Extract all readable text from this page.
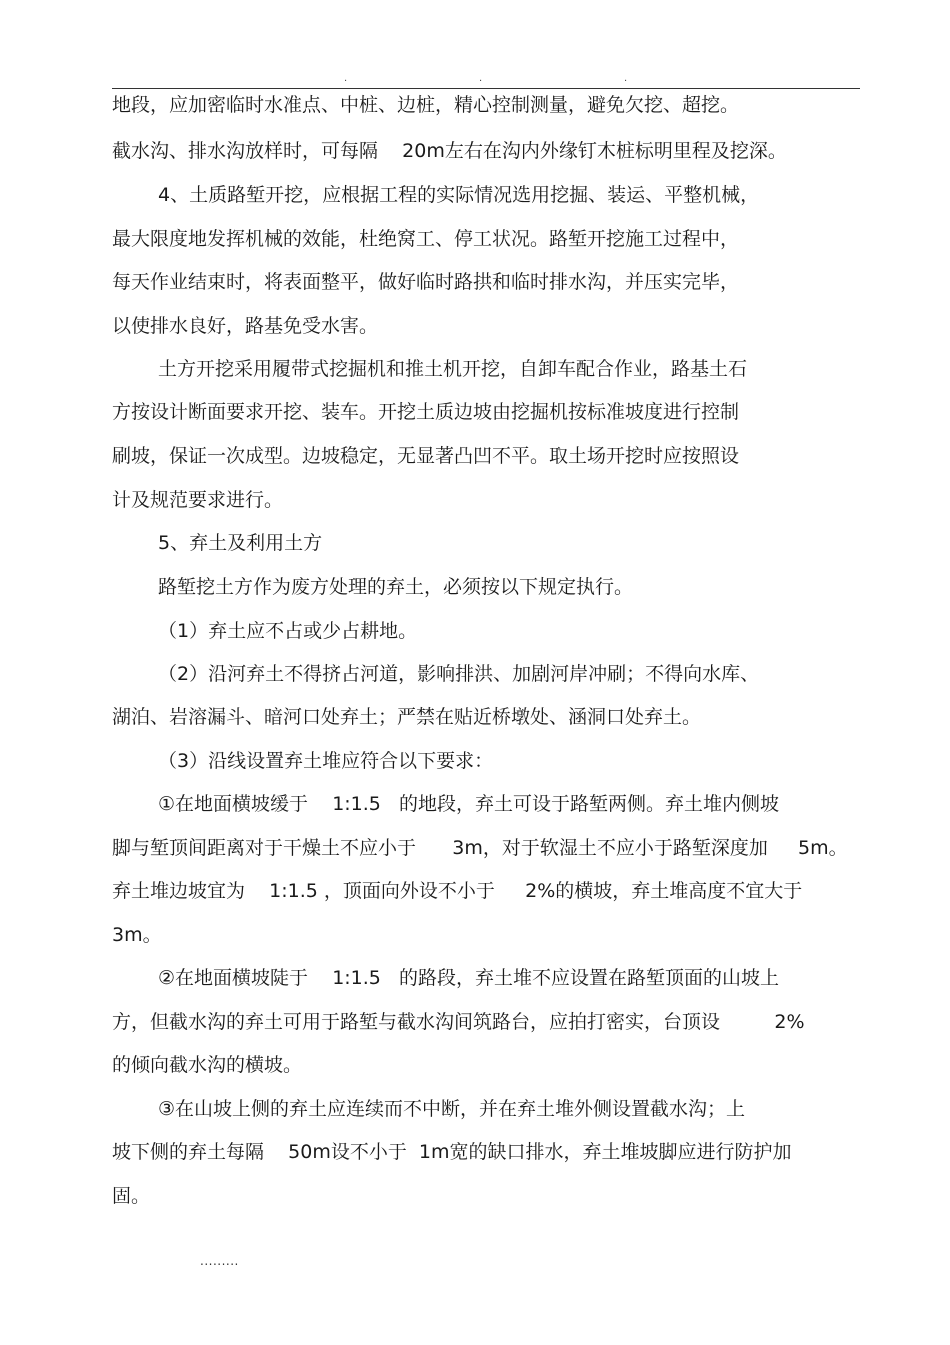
.	.	.
地段，应加密临时水准点、中桩、边桩，精心控制测量，避免欠挖、超挖。
截水沟、排水沟放样时，可每隔    20m左右在沟内外缘钉木桩标明里程及挖深。
4、土质路堑开挖，应根据工程的实际情况选用挖掘、装运、平整机械，
最大限度地发挥机械的效能，杜绝窝工、停工状况。路堑开挖施工过程中，
每天作业结束时，将表面整平，做好临时路拱和临时排水沟，并压实完毕，
以使排水良好，路基免受水害。
土方开挖采用履带式挖掘机和推土机开挖，自卸车配合作业，路基土石
方按设计断面要求开挖、装车。开挖土质边坡由挖掘机按标准坡度进行控制
刷坡，保证一次成型。边坡稳定，无显著凸凹不平。取土场开挖时应按照设
计及规范要求进行。
5、弃土及利用土方
路堑挖土方作为废方处理的弃土，必须按以下规定执行。
（1）弃土应不占或少占耕地。
（2）沿河弃土不得挤占河道，影响排洪、加剧河岸冲刷；不得向水库、
湖泊、岩溶漏斗、暗河口处弃土；严禁在贴近桥墩处、涵洞口处弃土。
（3）沿线设置弃土堆应符合以下要求：
①在地面横坡缓于    1:1.5   的地段，弃土可设于路堑两侧。弃土堆内侧坡
脚与堑顶间距离对于干燥土不应小于      3m，对于软湿土不应小于路堑深度加     5m。
弃土堆边坡宜为    1:1.5 ，顶面向外设不小于     2%的横坡，弃土堆高度不宜大于
3m。
②在地面横坡陡于    1:1.5   的路段，弃土堆不应设置在路堑顶面的山坡上
方，但截水沟的弃土可用于路堑与截水沟间筑路台，应拍打密实，台顶设         2%
的倾向截水沟的横坡。
③在山坡上侧的弃土应连续而不中断，并在弃土堆外侧设置截水沟；上
坡下侧的弃土每隔    50m设不小于  1m宽的缺口排水，弃土堆坡脚应进行防护加
固。
.........
